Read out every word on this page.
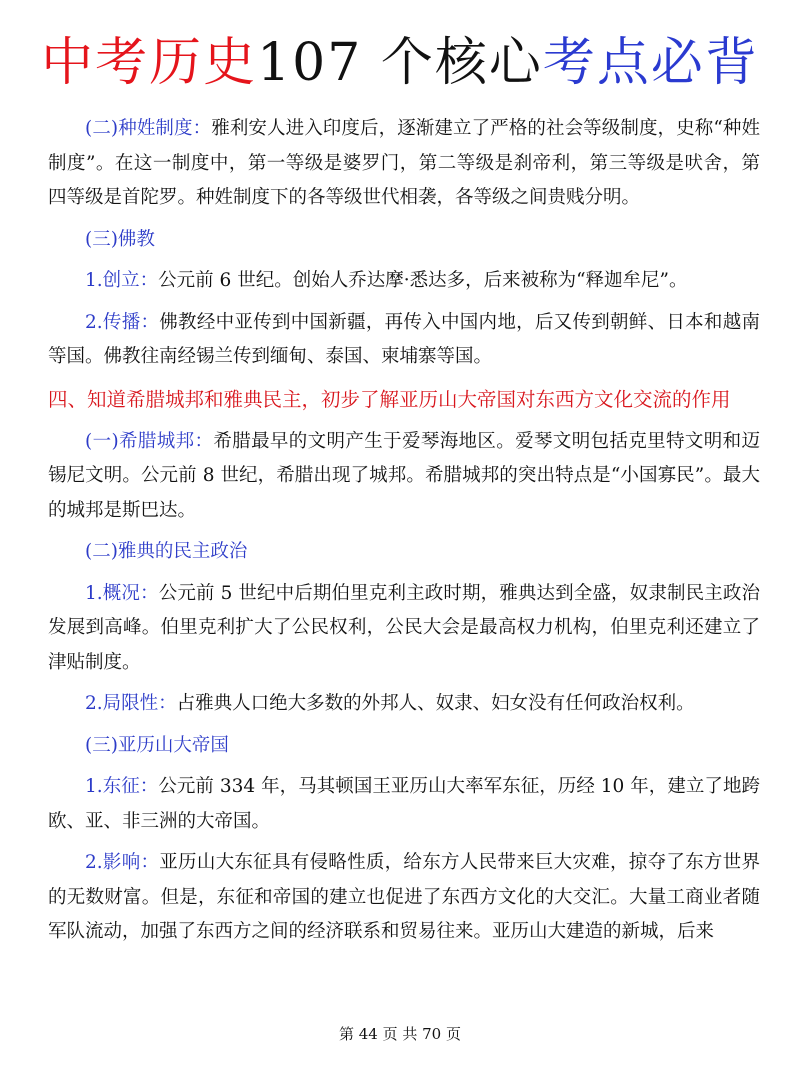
中考历史107 个核心考点必背

(二)种姓制度：雅利安人进入印度后，逐渐建立了严格的社会等级制度，史称“种姓制度”。在这一制度中，第一等级是婆罗门，第二等级是刹帝利，第三等级是吠舍，第四等级是首陀罗。种姓制度下的各等级世代相袭，各等级之间贵贱分明。

(三)佛教

1.创立：公元前 6 世纪。创始人乔达摩·悉达多，后来被称为“释迦牟尼”。

2.传播：佛教经中亚传到中国新疆，再传入中国内地，后又传到朝鲜、日本和越南等国。佛教往南经锡兰传到缅甸、泰国、柬埔寨等国。

四、知道希腊城邦和雅典民主，初步了解亚历山大帝国对东西方文化交流的作用

(一)希腊城邦：希腊最早的文明产生于爱琴海地区。爱琴文明包括克里特文明和迈锡尼文明。公元前 8 世纪，希腊出现了城邦。希腊城邦的突出特点是“小国寡民”。最大的城邦是斯巴达。

(二)雅典的民主政治

1.概况：公元前 5 世纪中后期伯里克利主政时期，雅典达到全盛，奴隶制民主政治发展到高峰。伯里克利扩大了公民权利，公民大会是最高权力机构，伯里克利还建立了津贴制度。

2.局限性：占雅典人口绝大多数的外邦人、奴隶、妇女没有任何政治权利。

(三)亚历山大帝国

1.东征：公元前 334 年，马其顿国王亚历山大率军东征，历经 10 年，建立了地跨欧、亚、非三洲的大帝国。

2.影响：亚历山大东征具有侵略性质，给东方人民带来巨大灾难，掠夺了东方世界的无数财富。但是，东征和帝国的建立也促进了东西方文化的大交汇。大量工商业者随军队流动，加强了东西方之间的经济联系和贸易往来。亚历山大建造的新城，后来

第 44 页 共 70 页
